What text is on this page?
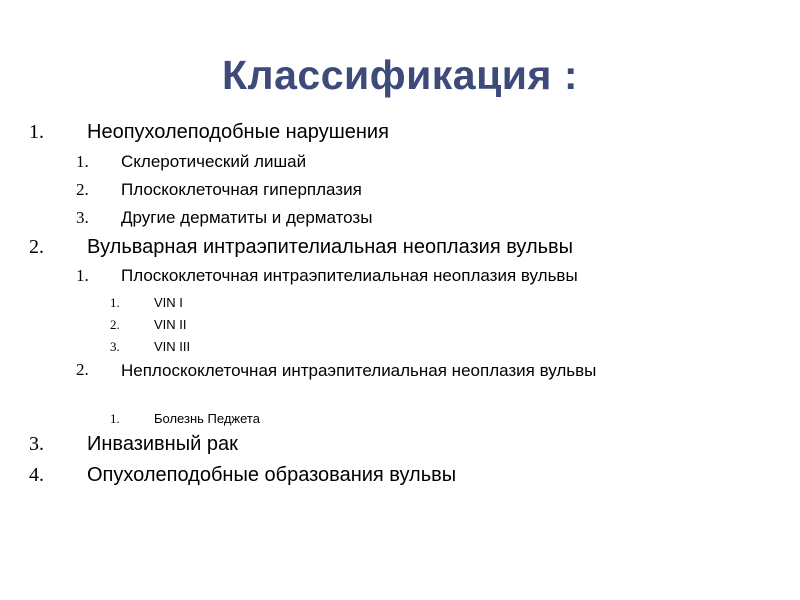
Классификация :
1. Неопухолеподобные нарушения
1. Склеротический лишай
2. Плоскоклеточная гиперплазия
3. Другие дерматиты и дерматозы
2. Вульварная интраэпителиальная неоплазия вульвы
1. Плоскоклеточная интраэпителиальная неоплазия вульвы
1.	VIN I
2.	VIN II
3.	VIN III
2. Неплоскоклеточная интраэпителиальная неоплазия вульвы
1.	Болезнь Педжета
3. Инвазивный рак
4. Опухолеподобные образования вульвы
